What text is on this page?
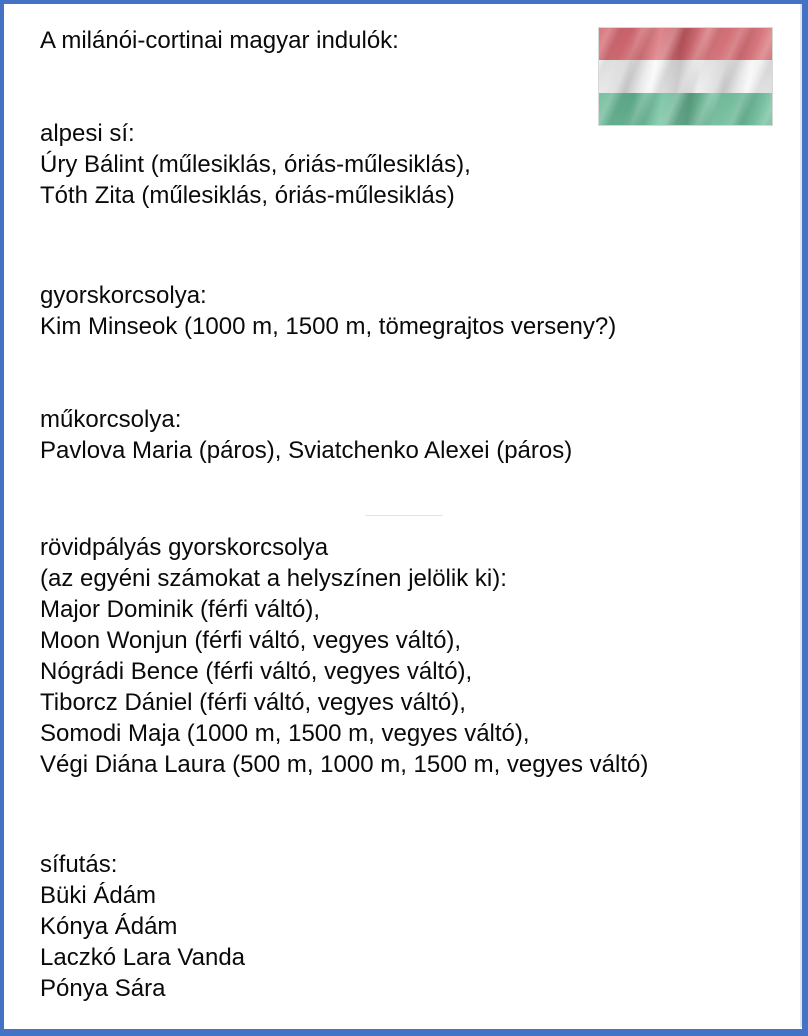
A milánói-cortinai magyar indulók:
alpesi sí:
Úry Bálint (műlesiklás, óriás-műlesiklás),
Tóth Zita (műlesiklás, óriás-műlesiklás)
gyorskorcsolya:
Kim Minseok (1000 m, 1500 m, tömegrajtos verseny?)
műkorcsolya:
Pavlova Maria (páros), Sviatchenko Alexei (páros)
rövidpályás gyorskorcsolya
(az egyéni számokat a helyszínen jelölik ki):
Major Dominik (férfi váltó),
Moon Wonjun (férfi váltó, vegyes váltó),
Nógrádi Bence (férfi váltó, vegyes váltó),
Tiborcz Dániel (férfi váltó, vegyes váltó),
Somodi Maja (1000 m, 1500 m, vegyes váltó),
Végi Diána Laura (500 m, 1000 m, 1500 m, vegyes váltó)
sífutás:
Büki Ádám
Kónya Ádám
Laczkó Lara Vanda
Pónya Sára
